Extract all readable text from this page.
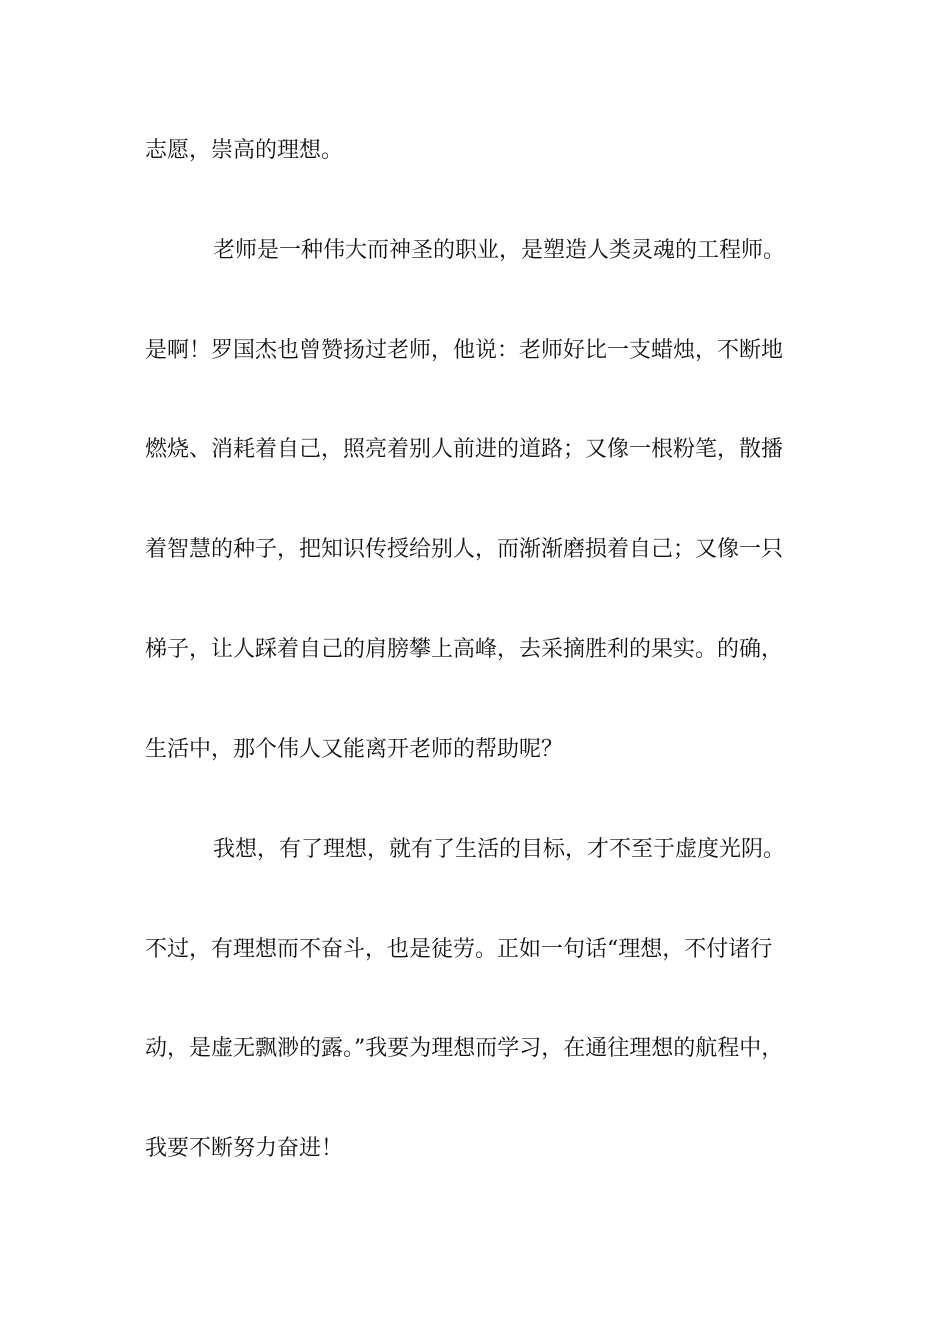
志愿，崇高的理想。
老师是一种伟大而神圣的职业，是塑造人类灵魂的工程师。
是啊！罗国杰也曾赞扬过老师，他说：老师好比一支蜡烛，不断地
燃烧、消耗着自己，照亮着别人前进的道路；又像一根粉笔，散播
着智慧的种子，把知识传授给别人，而渐渐磨损着自己；又像一只
梯子，让人踩着自己的肩膀攀上高峰，去采摘胜利的果实。的确，
生活中，那个伟人又能离开老师的帮助呢？
我想，有了理想，就有了生活的目标，才不至于虚度光阴。
不过，有理想而不奋斗，也是徒劳。正如一句话“理想，不付诸行
动，是虚无飘渺的露。”我要为理想而学习，在通往理想的航程中，
我要不断努力奋进！
